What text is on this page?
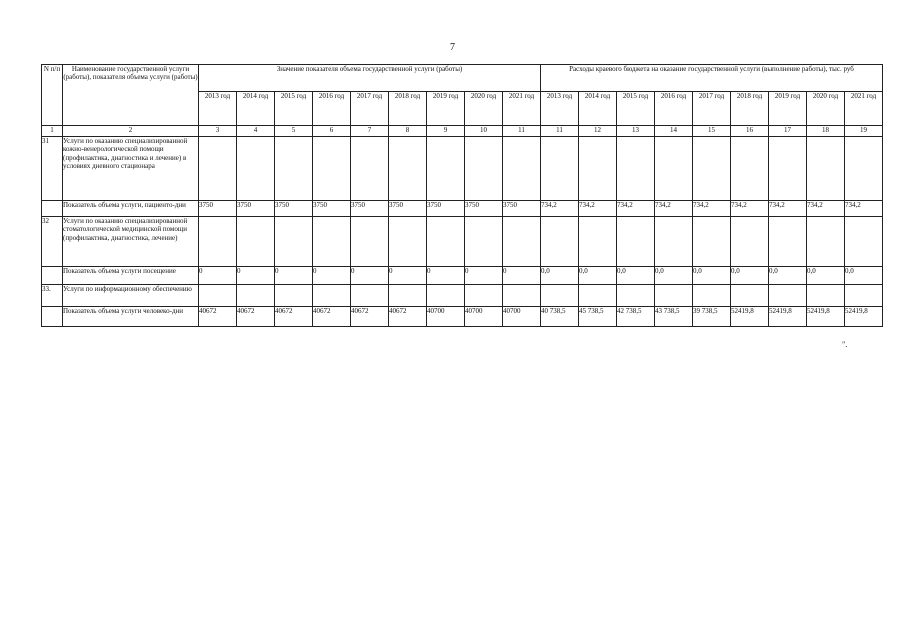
7
N п/п	Наименование государственной услуги (работы), показателя объема услуги (работы)	Значение показателя объема государственной услуги (работы)									Расходы краевого бюджета на оказание государственной услуги (выполнение работы), тыс. руб								
		2013 год	2014 год	2015 год	2016 год	2017 год	2018 год	2019 год	2020 год	2021 год	2013 год	2014 год	2015 год	2016 год	2017 год	2018 год	2019 год	2020 год	2021 год
1	2	3	4	5	6	7	8	9	10	11	11	12	13	14	15	16	17	18	19
31	Услуги по оказанию специализированной кожно-венерологической помощи (профилактика, диагностика и лечение) в условиях дневного стационара																		
	Показатель объема услуги, пациенто-дни	3750	3750	3750	3750	3750	3750	3750	3750	3750	734,2	734,2	734,2	734,2	734,2	734,2	734,2	734,2	734,2
32	Услуги по оказанию специализированной стоматологической медицинской помощи (профилактика, диагностика, лечение)																		
	Показатель объема услуги посещение	0	0	0	0	0	0	0	0	0	0,0	0,0	0,0	0,0	0,0	0,0	0,0	0,0	0,0
33.	Услуги по информационному обеспечению																		
	Показатель объема услуги человеко-дни	40672	40672	40672	40672	40672	40672	40700	40700	40700	40 738,5	45 738,5	42 738,5	43 738,5	39 738,5	52419,8	52419,8	52419,8	52419,8
".
